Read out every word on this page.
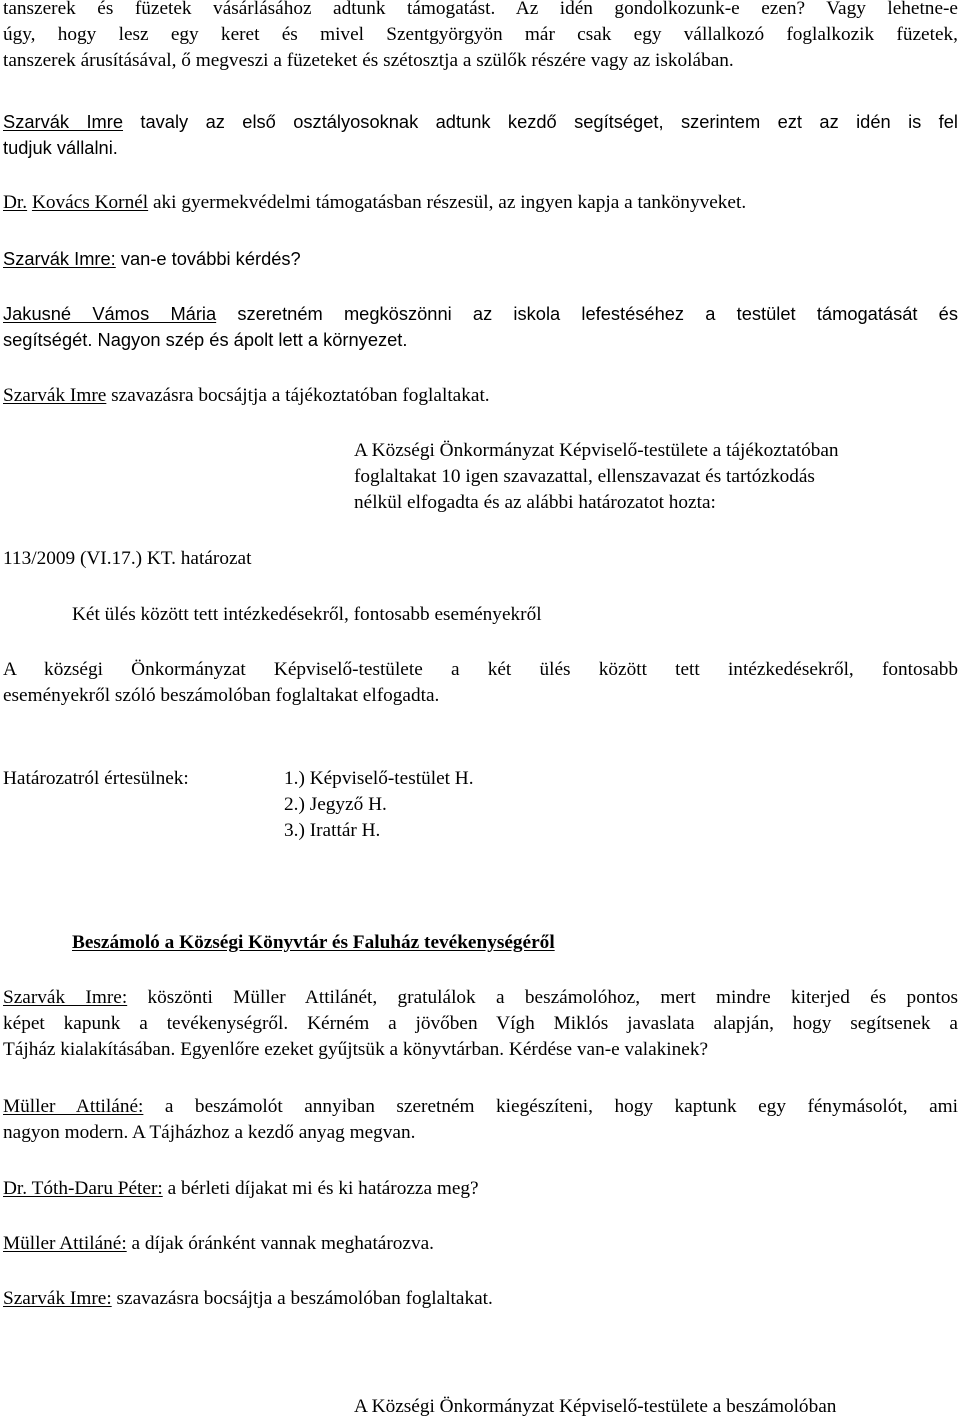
tanszerek és füzetek vásárlásához adtunk támogatást. Az idén gondolkozunk-e ezen? Vagy lehetne-e
úgy, hogy lesz egy keret és mivel Szentgyörgyön már csak egy vállalkozó foglalkozik füzetek,
tanszerek árusításával, ő megveszi a füzeteket és szétosztja a szülők részére vagy az iskolában.
Szarvák Imre tavaly az első osztályosoknak adtunk kezdő segítséget, szerintem ezt az idén is fel
tudjuk vállalni.
Dr. Kovács Kornél aki gyermekvédelmi támogatásban részesül, az ingyen kapja a tankönyveket.
Szarvák Imre: van-e további kérdés?
Jakusné Vámos Mária szeretném megköszönni az iskola lefestéséhez a testület támogatását és
segítségét. Nagyon szép és ápolt lett a környezet.
Szarvák Imre szavazásra bocsájtja a tájékoztatóban foglaltakat.
A Községi Önkormányzat Képviselő-testülete a tájékoztatóban
foglaltakat 10 igen szavazattal, ellenszavazat és tartózkodás
nélkül elfogadta és az alábbi határozatot hozta:
113/2009 (VI.17.) KT. határozat
Két ülés között tett intézkedésekről, fontosabb eseményekről
A községi Önkormányzat Képviselő-testülete a két ülés között tett intézkedésekről, fontosabb
eseményekről szóló beszámolóban foglaltakat elfogadta.
Határozatról értesülnek:	1.) Képviselő-testület H.
2.) Jegyző H.
3.) Irattár H.
Beszámoló a Községi Könyvtár és Faluház tevékenységéről
Szarvák Imre: köszönti Müller Attilánét, gratulálok a beszámolóhoz, mert mindre kiterjed és pontos
képet kapunk a tevékenységről. Kérném a jövőben Vígh Miklós javaslata alapján, hogy segítsenek a
Tájház kialakításában. Egyenlőre ezeket gyűjtsük a könyvtárban. Kérdése van-e valakinek?
Müller Attiláné: a beszámolót annyiban szeretném kiegészíteni, hogy kaptunk egy fénymásolót, ami
nagyon modern. A Tájházhoz a kezdő anyag megvan.
Dr. Tóth-Daru Péter: a bérleti díjakat mi és ki határozza meg?
Müller Attiláné: a díjak óránként vannak meghatározva.
Szarvák Imre: szavazásra bocsájtja a beszámolóban foglaltakat.
A Községi Önkormányzat Képviselő-testülete a beszámolóban
